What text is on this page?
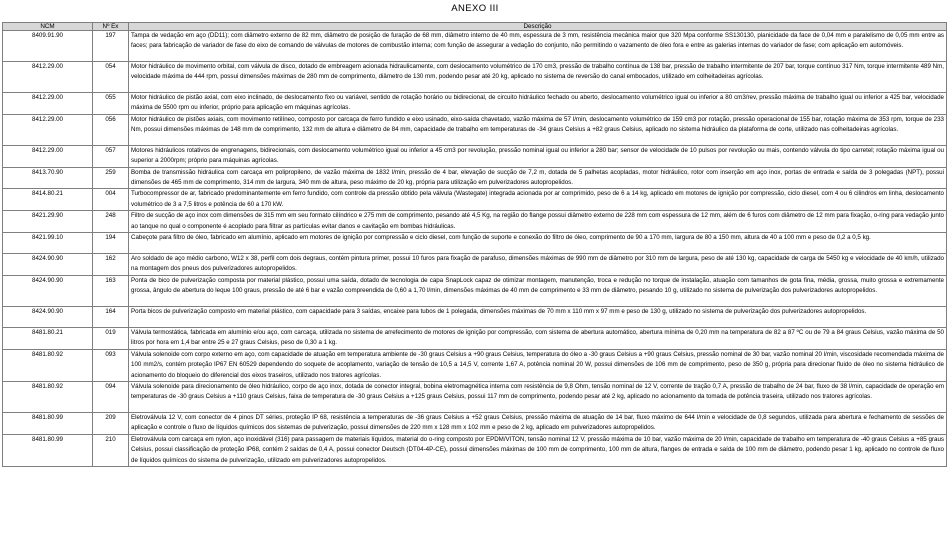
ANEXO III
NCM	Nº Ex	Descrição
8409.91.90	197	Tampa de vedação em aço (DD11); com diâmetro externo de 82 mm, diâmetro de posição de furação de 68 mm, diâmetro interno de 40 mm, espessura de 3 mm, resistência mecânica maior que 320 Mpa conforme SS130130, planicidade da face de 0,04 mm e paralelismo de 0,05 mm entre as faces; para fabricação de variador de fase do eixo de comando de válvulas de motores de combustão interna; com função de assegurar a vedação do conjunto, não permitindo o vazamento de óleo fora e entre as galerias internas do variador de fase; com aplicação em automóveis.
8412.29.00	054	Motor hidráulico de movimento orbital, com válvula de disco, dotado de embreagem acionada hidraulicamente, com deslocamento volumétrico de 170 cm3, pressão de trabalho contínua de 138 bar, pressão de trabalho intermitente de 207 bar, torque contínuo 317 Nm, torque intermitente 489 Nm, velocidade máxima de 444 rpm, possui dimensões máximas de 280 mm de comprimento, diâmetro de 130 mm, podendo pesar até 20 kg, aplicado no sistema de reversão do canal embocados, utilizado em colheitadeiras agrícolas.
8412.29.00	055	Motor hidráulico de pistão axial, com eixo inclinado, de deslocamento fixo ou variável, sentido de rotação horário ou bidirecional, de circuito hidráulico fechado ou aberto, deslocamento volumétrico igual ou inferior a 80 cm3/rev, pressão máxima de trabalho igual ou inferior a 425 bar, velocidade máxima de 5500 rpm ou inferior, próprio para aplicação em máquinas agrícolas.
8412.29.00	056	Motor hidráulico de pistões axiais, com movimento retilíneo, composto por carcaça de ferro fundido e eixo usinado, eixo-saída chavetado, vazão máxima de 57 l/min, deslocamento volumétrico de 159 cm3 por rotação, pressão operacional de 155 bar, rotação máxima de 353 rpm, torque de 233 Nm, possui dimensões máximas de 148 mm de comprimento, 132 mm de altura e diâmetro de 84 mm, capacidade de trabalho em temperaturas de -34 graus Celsius a +82 graus Celsius, aplicado no sistema hidráulico da plataforma de corte, utilizado nas colheitadeiras agrícolas.
8412.29.00	057	Motores hidráulicos rotativos de engrenagens, bidirecionais, com deslocamento volumétrico igual ou inferior a 45 cm3 por revolução, pressão nominal igual ou inferior a 280 bar; sensor de velocidade de 10 pulsos por revolução ou mais, contendo válvula do tipo carretel; rotação máxima igual ou superior a 2000rpm; próprio para máquinas agrícolas.
8413.70.90	259	Bomba de transmissão hidráulica com carcaça em polipropileno, de vazão máxima de 1832 l/min, pressão de 4 bar, elevação de sucção de 7,2 m, dotada de 5 palhetas acopladas, motor hidráulico, rotor com inserção em aço inox, portas de entrada e saída de 3 polegadas (NPT), possui dimensões de 465 mm de comprimento, 314 mm de largura, 340 mm de altura, peso máximo de 20 kg, própria para utilização em pulverizadores autopropelidos.
8414.80.21	004	Turbocompressor de ar, fabricado predominantemente em ferro fundido, com controle da pressão obtido pela válvula (Wastegate) integrada acionada por ar comprimido, peso de 6 a 14 kg, aplicado em motores de ignição por compressão, ciclo diesel, com 4 ou 6 cilindros em linha, deslocamento volumétrico de 3 a 7,5 litros e potência de 60 a 170 kW.
8421.29.90	248	Filtro de sucção de aço inox com dimensões de 315 mm em seu formato cilíndrico e 275 mm de comprimento, pesando até 4,5 Kg, na região do flange possui diâmetro externo de 228 mm com espessura de 12 mm, além de 6 furos com diâmetro de 12 mm para fixação, o-ring para vedação junto ao tanque no qual o componente é acoplado para filtrar as partículas evitar danos e cavitação em bombas hidráulicas.
8421.99.10	194	Cabeçote para filtro de óleo, fabricado em alumínio, aplicado em motores de ignição por compressão e ciclo diesel, com função de suporte e conexão do filtro de óleo, comprimento de 90 a 170 mm, largura de 80 a 150 mm, altura de 40 a 100 mm e peso de 0,2 a 0,5 kg.
8424.90.90	162	Aro soldado de aço médio carbono, W12 x 38, perfil com dois degraus, contém pintura primer, possui 10 furos para fixação de parafuso, dimensões máximas de 990 mm de diâmetro por 310 mm de largura, peso de até 130 kg, capacidade de carga de 5450 kg e velocidade de 40 km/h, utilizado na montagem dos pneus dos pulverizadores autopropelidos.
8424.90.90	163	Ponta de bico de pulverização composta por material plástico, possui uma saída, dotado de tecnologia de capa SnapLock capaz de otimizar montagem, manutenção, troca e redução no torque de instalação, atuação com tamanhos de gota fina, média, grossa, muito grossa e extremamente grossa, ângulo de abertura do leque 100 graus, pressão de até 6 bar e vazão compreendida de 0,60 a 1,70 l/min, dimensões máximas de 40 mm de comprimento e 33 mm de diâmetro, pesando 10 g, utilizado no sistema de pulverização dos pulverizadores autopropelidos.
8424.90.90	164	Porta bicos de pulverização composto em material plástico, com capacidade para 3 saídas, encaixe para tubos de 1 polegada, dimensões máximas de 70 mm x 110 mm x 97 mm e peso de 130 g, utilizado no sistema de pulverização dos pulverizadores autopropelidos.
8481.80.21	019	Válvula termostática, fabricada em alumínio e/ou aço, com carcaça, utilizada no sistema de arrefecimento de motores de ignição por compressão, com sistema de abertura automático, abertura mínima de 0,20 mm na temperatura de 82 a 87 ºC ou de 79 a 84 graus Celsius, vazão máxima de 50 litros por hora em 1,4 bar entre 25 e 27 graus Celsius, peso de 0,30 a 1 kg.
8481.80.92	093	Válvula solenoide com corpo externo em aço, com capacidade de atuação em temperatura ambiente de -30 graus Celsius a +90 graus Celsius, temperatura do óleo a -30 graus Celsius a +90 graus Celsius, pressão nominal de 30 bar, vazão nominal 20 l/min, viscosidade recomendada máxima de 100 mm2/s, contém proteção IP67 EN 60529 dependendo do soquete de acoplamento, variação de tensão de 10,5 a 14,5 V, corrente 1,67 A, potência nominal 20 W, possui dimensões de 106 mm de comprimento, peso de 350 g, própria para direcionar fluido de óleo no sistema hidráulico de acionamento do bloqueio do diferencial dos eixos traseiros, utilizado nos tratores agrícolas.
8481.80.92	094	Válvula solenoide para direcionamento de óleo hidráulico, corpo de aço inox, dotada de conector integral, bobina eletromagnética interna com resistência de 9,8 Ohm, tensão nominal de 12 V, corrente de tração 0,7 A, pressão de trabalho de 24 bar, fluxo de 38 l/min, capacidade de operação em temperaturas de -30 graus Celsius a +110 graus Celsius, faixa de temperatura de -30 graus Celsius a +125 graus Celsius, possui 117 mm de comprimento, podendo pesar até 2 kg, aplicado no acionamento da tomada de potência traseira, utilizado nos tratores agrícolas.
8481.80.99	209	Eletroválvula 12 V, com conector de 4 pinos DT séries, proteção IP 68, resistência a temperaturas de -36 graus Celsius a +52 graus Celsius, pressão máxima de atuação de 14 bar, fluxo máximo de 644 l/min e velocidade de 0,8 segundos, utilizada para abertura e fechamento de sessões de aplicação e controle o fluxo de líquidos químicos dos sistemas de pulverização, possui dimensões de 220 mm x 128 mm x 102 mm e peso de 2 kg, aplicado em pulverizadores autopropelidos.
8481.80.99	210	Eletroválvula com carcaça em nylon, aço inoxidável (316) para passagem de materiais líquidos, material do o-ring composto por EPDM/VITON, tensão nominal 12 V, pressão máxima de 10 bar, vazão máxima de 20 l/min, capacidade de trabalho em temperatura de -40 graus Celsius a +85 graus Celsius, possui classificação de proteção IP68, contém 2 saídas de 0,4 A, possui conector Deutsch (DT04-4P-CE), possui dimensões máximas de 100 mm de comprimento, 100 mm de altura, flanges de entrada e saída de 100 mm de diâmetro, podendo pesar 1 kg, aplicado no controle de fluxo de líquidos químicos do sistema de pulverização, utilizado em pulverizadores autopropelidos.
